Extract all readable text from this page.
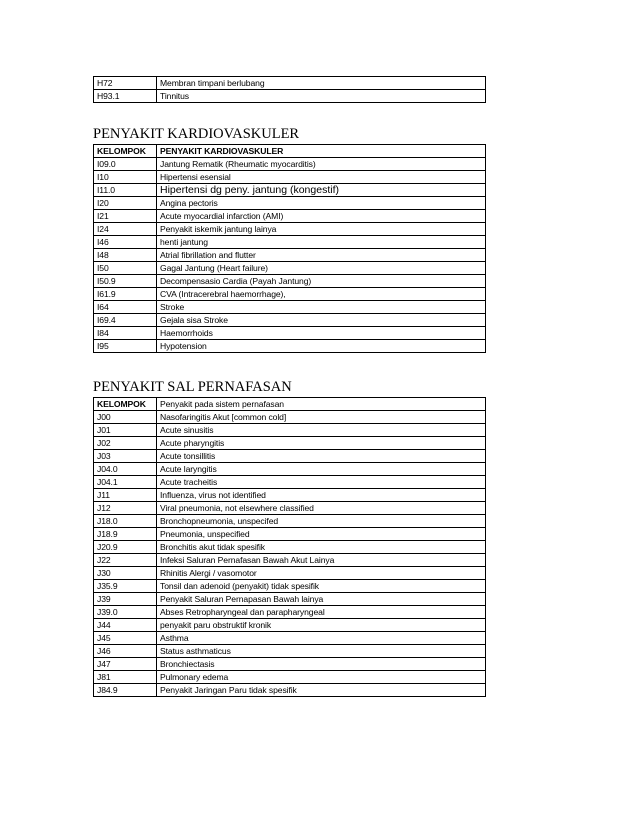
H72	Membran timpani berlubang
H93.1	Tinnitus
PENYAKIT KARDIOVASKULER
KELOMPOK	PENYAKIT KARDIOVASKULER
I09.0	Jantung Rematik (Rheumatic myocarditis)
I10	Hipertensi esensial
I11.0	Hipertensi dg peny. jantung (kongestif)
I20	Angina pectoris
I21	Acute myocardial infarction (AMI)
I24	Penyakit iskemik jantung lainya
I46	henti jantung
I48	Atrial fibrillation and flutter
I50	Gagal Jantung (Heart failure)
I50.9	Decompensasio Cardia (Payah Jantung)
I61.9	CVA (Intracerebral haemorrhage),
I64	Stroke
I69.4	Gejala sisa Stroke
I84	Haemorrhoids
I95	Hypotension
PENYAKIT SAL PERNAFASAN
KELOMPOK	Penyakit pada sistem pernafasan
J00	Nasofaringitis Akut [common cold]
J01	Acute sinusitis
J02	Acute pharyngitis
J03	Acute tonsillitis
J04.0	Acute laryngitis
J04.1	Acute tracheitis
J11	Influenza, virus not identified
J12	Viral pneumonia, not elsewhere classified
J18.0	Bronchopneumonia, unspecifed
J18.9	Pneumonia, unspecified
J20.9	Bronchitis akut tidak spesifik
J22	Infeksi Saluran Pernafasan Bawah Akut Lainya
J30	Rhinitis Alergi / vasomotor
J35.9	Tonsil dan adenoid (penyakit) tidak spesifik
J39	Penyakit Saluran Pernapasan Bawah lainya
J39.0	Abses Retropharyngeal dan parapharyngeal
J44	penyakit paru obstruktif kronik
J45	Asthma
J46	Status asthmaticus
J47	Bronchiectasis
J81	Pulmonary edema
J84.9	Penyakit Jaringan Paru tidak spesifik
